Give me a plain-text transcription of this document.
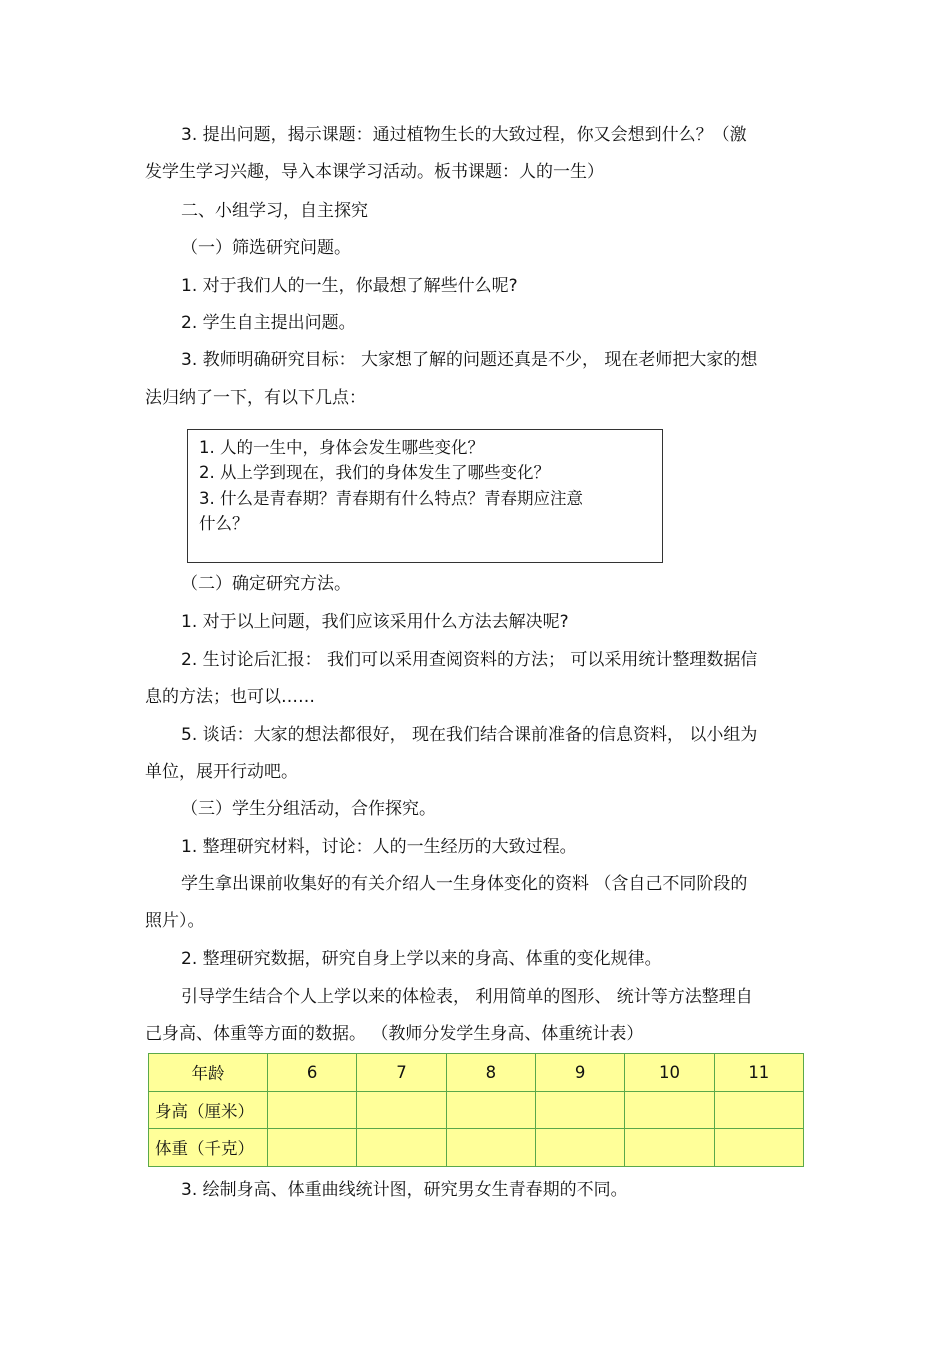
3. 提出问题，揭示课题：通过植物生长的大致过程，你又会想到什么？（激
发学生学习兴趣，导入本课学习活动。板书课题：人的一生）
二、小组学习，自主探究
（一）筛选研究问题。
1. 对于我们人的一生，你最想了解些什么呢?
2. 学生自主提出问题。
3. 教师明确研究目标： 大家想了解的问题还真是不少， 现在老师把大家的想
法归纳了一下，有以下几点：
1. 人的一生中，身体会发生哪些变化？
2. 从上学到现在，我们的身体发生了哪些变化？
3. 什么是青春期？青春期有什么特点？青春期应注意
什么？
（二）确定研究方法。
1. 对于以上问题，我们应该采用什么方法去解决呢?
2. 生讨论后汇报： 我们可以采用查阅资料的方法； 可以采用统计整理数据信
息的方法；也可以……
5. 谈话：大家的想法都很好， 现在我们结合课前准备的信息资料， 以小组为
单位，展开行动吧。
（三）学生分组活动，合作探究。
1. 整理研究材料，讨论：人的一生经历的大致过程。
学生拿出课前收集好的有关介绍人一生身体变化的资料 （含自己不同阶段的
照片）。
2. 整理研究数据，研究自身上学以来的身高、体重的变化规律。
引导学生结合个人上学以来的体检表， 利用简单的图形、 统计等方法整理自
己身高、体重等方面的数据。 （教师分发学生身高、体重统计表）
年龄	6	7	8	9	10	11
身高（厘米）						
体重（千克）						
3. 绘制身高、体重曲线统计图，研究男女生青春期的不同。
